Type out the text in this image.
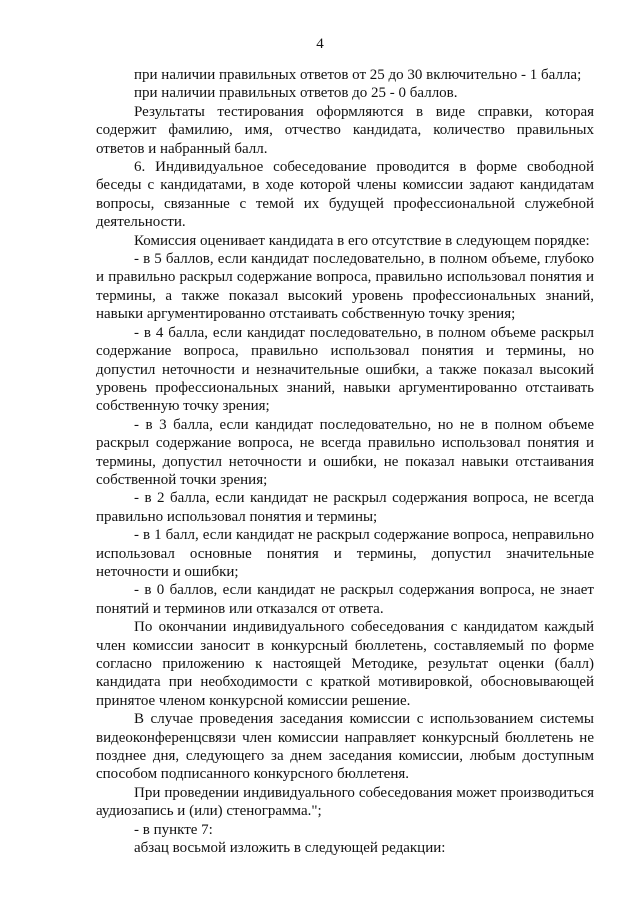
4

при наличии правильных ответов от 25 до 30 включительно - 1 балла;

при наличии правильных ответов до 25 - 0 баллов.

Результаты тестирования оформляются в виде справки, которая содержит фамилию, имя, отчество кандидата, количество правильных ответов и набранный балл.

6. Индивидуальное собеседование проводится в форме свободной беседы с кандидатами, в ходе которой члены комиссии задают кандидатам вопросы, связанные с темой их будущей профессиональной служебной деятельности.

Комиссия оценивает кандидата в его отсутствие в следующем порядке:

- в 5 баллов, если кандидат последовательно, в полном объеме, глубоко и правильно раскрыл содержание вопроса, правильно использовал понятия и термины, а также показал высокий уровень профессиональных знаний, навыки аргументированно отстаивать собственную точку зрения;

- в 4 балла, если кандидат последовательно, в полном объеме раскрыл содержание вопроса, правильно использовал понятия и термины, но допустил неточности и незначительные ошибки, а также показал высокий уровень профессиональных знаний, навыки аргументированно отстаивать собственную точку зрения;

- в 3 балла, если кандидат последовательно, но не в полном объеме раскрыл содержание вопроса, не всегда правильно использовал понятия и термины, допустил неточности и ошибки, не показал навыки отстаивания собственной точки зрения;

- в 2 балла, если кандидат не раскрыл содержания вопроса, не всегда правильно использовал понятия и термины;

- в 1 балл, если кандидат не раскрыл содержание вопроса, неправильно использовал основные понятия и термины, допустил значительные неточности и ошибки;

- в 0 баллов, если кандидат не раскрыл содержания вопроса, не знает понятий и терминов или отказался от ответа.

По окончании индивидуального собеседования с кандидатом каждый член комиссии заносит в конкурсный бюллетень, составляемый по форме согласно приложению к настоящей Методике, результат оценки (балл) кандидата при необходимости с краткой мотивировкой, обосновывающей принятое членом конкурсной комиссии решение.

В случае проведения заседания комиссии с использованием системы видеоконференцсвязи член комиссии направляет конкурсный бюллетень не позднее дня, следующего за днем заседания комиссии, любым доступным способом подписанного конкурсного бюллетеня.

При проведении индивидуального собеседования может производиться аудиозапись и (или) стенограмма.";

- в пункте 7:

абзац восьмой изложить в следующей редакции:
